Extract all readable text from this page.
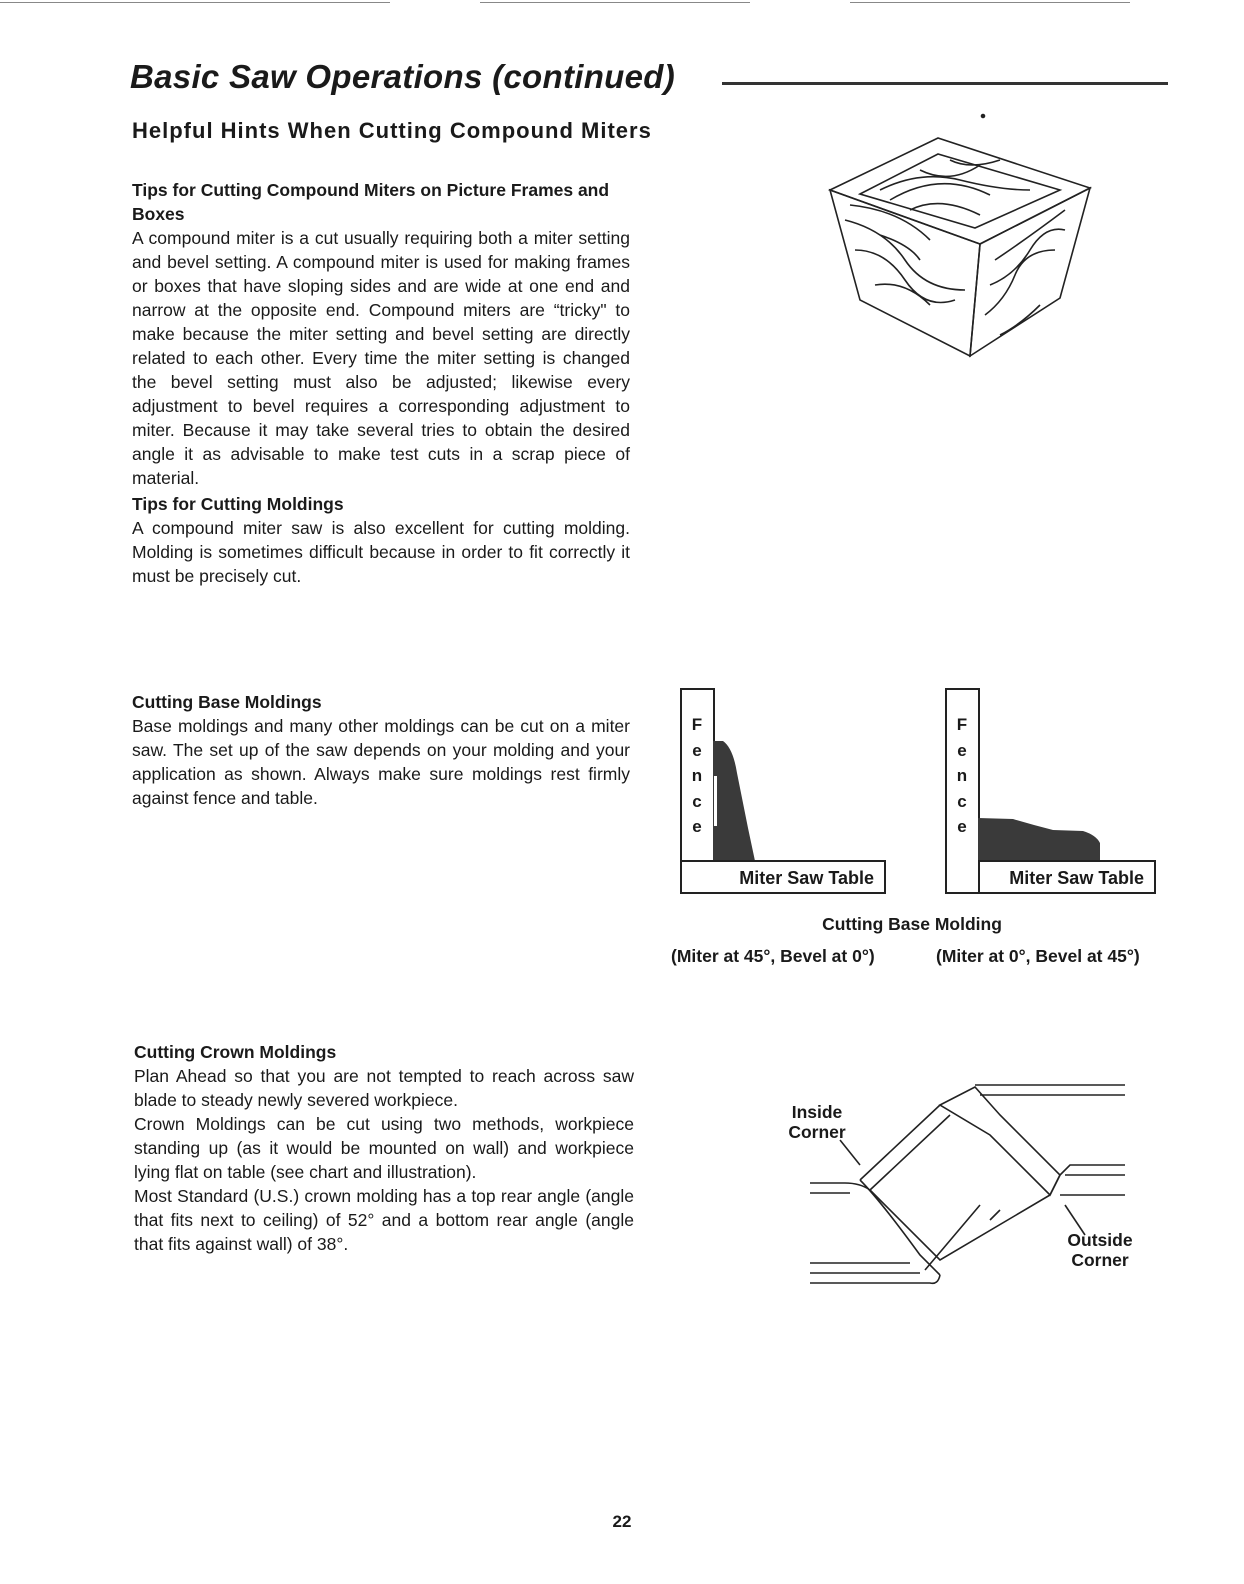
Basic Saw Operations (continued)
Helpful Hints When Cutting Compound Miters
Tips for Cutting Compound Miters on Picture Frames and Boxes
A compound miter is a cut usually requiring both a miter setting and bevel setting. A compound miter is used for making frames or boxes that have sloping sides and are wide at one end and narrow at the opposite end. Compound miters are “tricky" to make because the miter setting and bevel setting are directly related to each other. Every time the miter setting is changed the bevel setting must also be adjusted; likewise every adjustment to bevel requires a corresponding adjustment to miter. Because it may take several tries to obtain the desired angle it as advisable to make test cuts in a scrap piece of material.
Tips for Cutting Moldings
A compound miter saw is also excellent for cutting molding. Molding is sometimes difficult because in order to fit correctly it must be precisely cut.
Cutting Base Moldings
Base moldings and many other moldings can be cut on a miter saw. The set up of the saw depends on your molding and your application as shown. Always make sure moldings rest firmly against fence and table.
Cutting Crown Moldings
Plan Ahead so that you are not tempted to reach across saw blade to steady newly severed workpiece.
Crown Moldings can be cut using two methods, workpiece standing up (as it would be mounted on wall) and workpiece lying flat on table (see chart and illustration).
Most Standard (U.S.) crown molding has a top rear angle (angle that fits next to ceiling) of 52° and a bottom rear angle (angle that fits against wall) of 38°.
F
e
n
c
e
Miter Saw Table
F
e
n
c
e
Miter Saw Table
Cutting Base Molding
(Miter at 45°, Bevel at 0°)	(Miter at 0°, Bevel at 45°)
Inside Corner
Outside Corner
22
